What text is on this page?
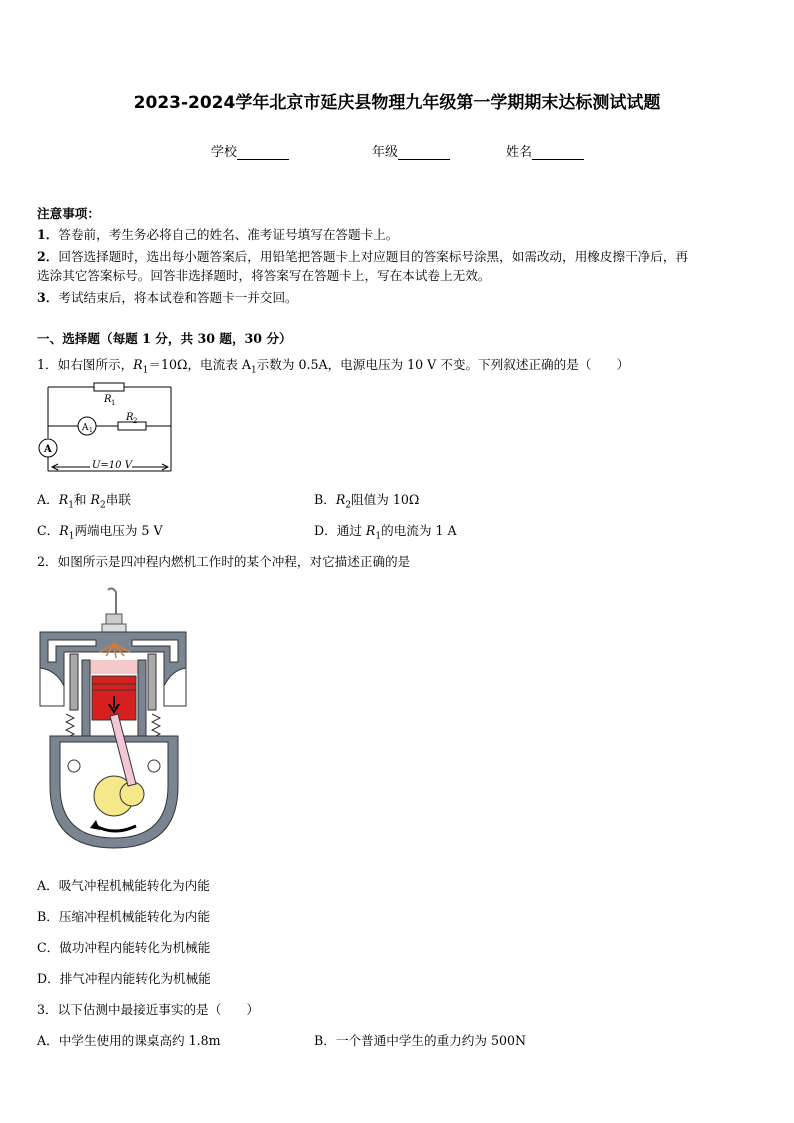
2023-2024学年北京市延庆县物理九年级第一学期期末达标测试试题
学校	年级	姓名
注意事项：
1．答卷前，考生务必将自己的姓名、准考证号填写在答题卡上。
2．回答选择题时，选出每小题答案后，用铅笔把答题卡上对应题目的答案标号涂黑，如需改动，用橡皮擦干净后，再
选涂其它答案标号。回答非选择题时，将答案写在答题卡上，写在本试卷上无效。
3．考试结束后，将本试卷和答题卡一并交回。
一、选择题（每题 1 分，共 30 题，30 分）
1．如右图所示，$R_1=10\Omega$，电流表 $A_1$示数为 0.5A，电源电压为 10 V 不变。下列叙述正确的是（　　）
R 1
R 2
A 1
A
U=10 V
A．$R_1$和 $R_2$串联	B．$R_2$阻值为 10Ω
C．$R_1$两端电压为 5 V	D．通过 $R_1$的电流为 1 A
2．如图所示是四冲程内燃机工作时的某个冲程，对它描述正确的是
A．吸气冲程机械能转化为内能
B．压缩冲程机械能转化为内能
C．做功冲程内能转化为机械能
D．排气冲程内能转化为机械能
3．以下估测中最接近事实的是（　　）
A．中学生使用的课桌高约 1.8m	B．一个普通中学生的重力约为 500N
